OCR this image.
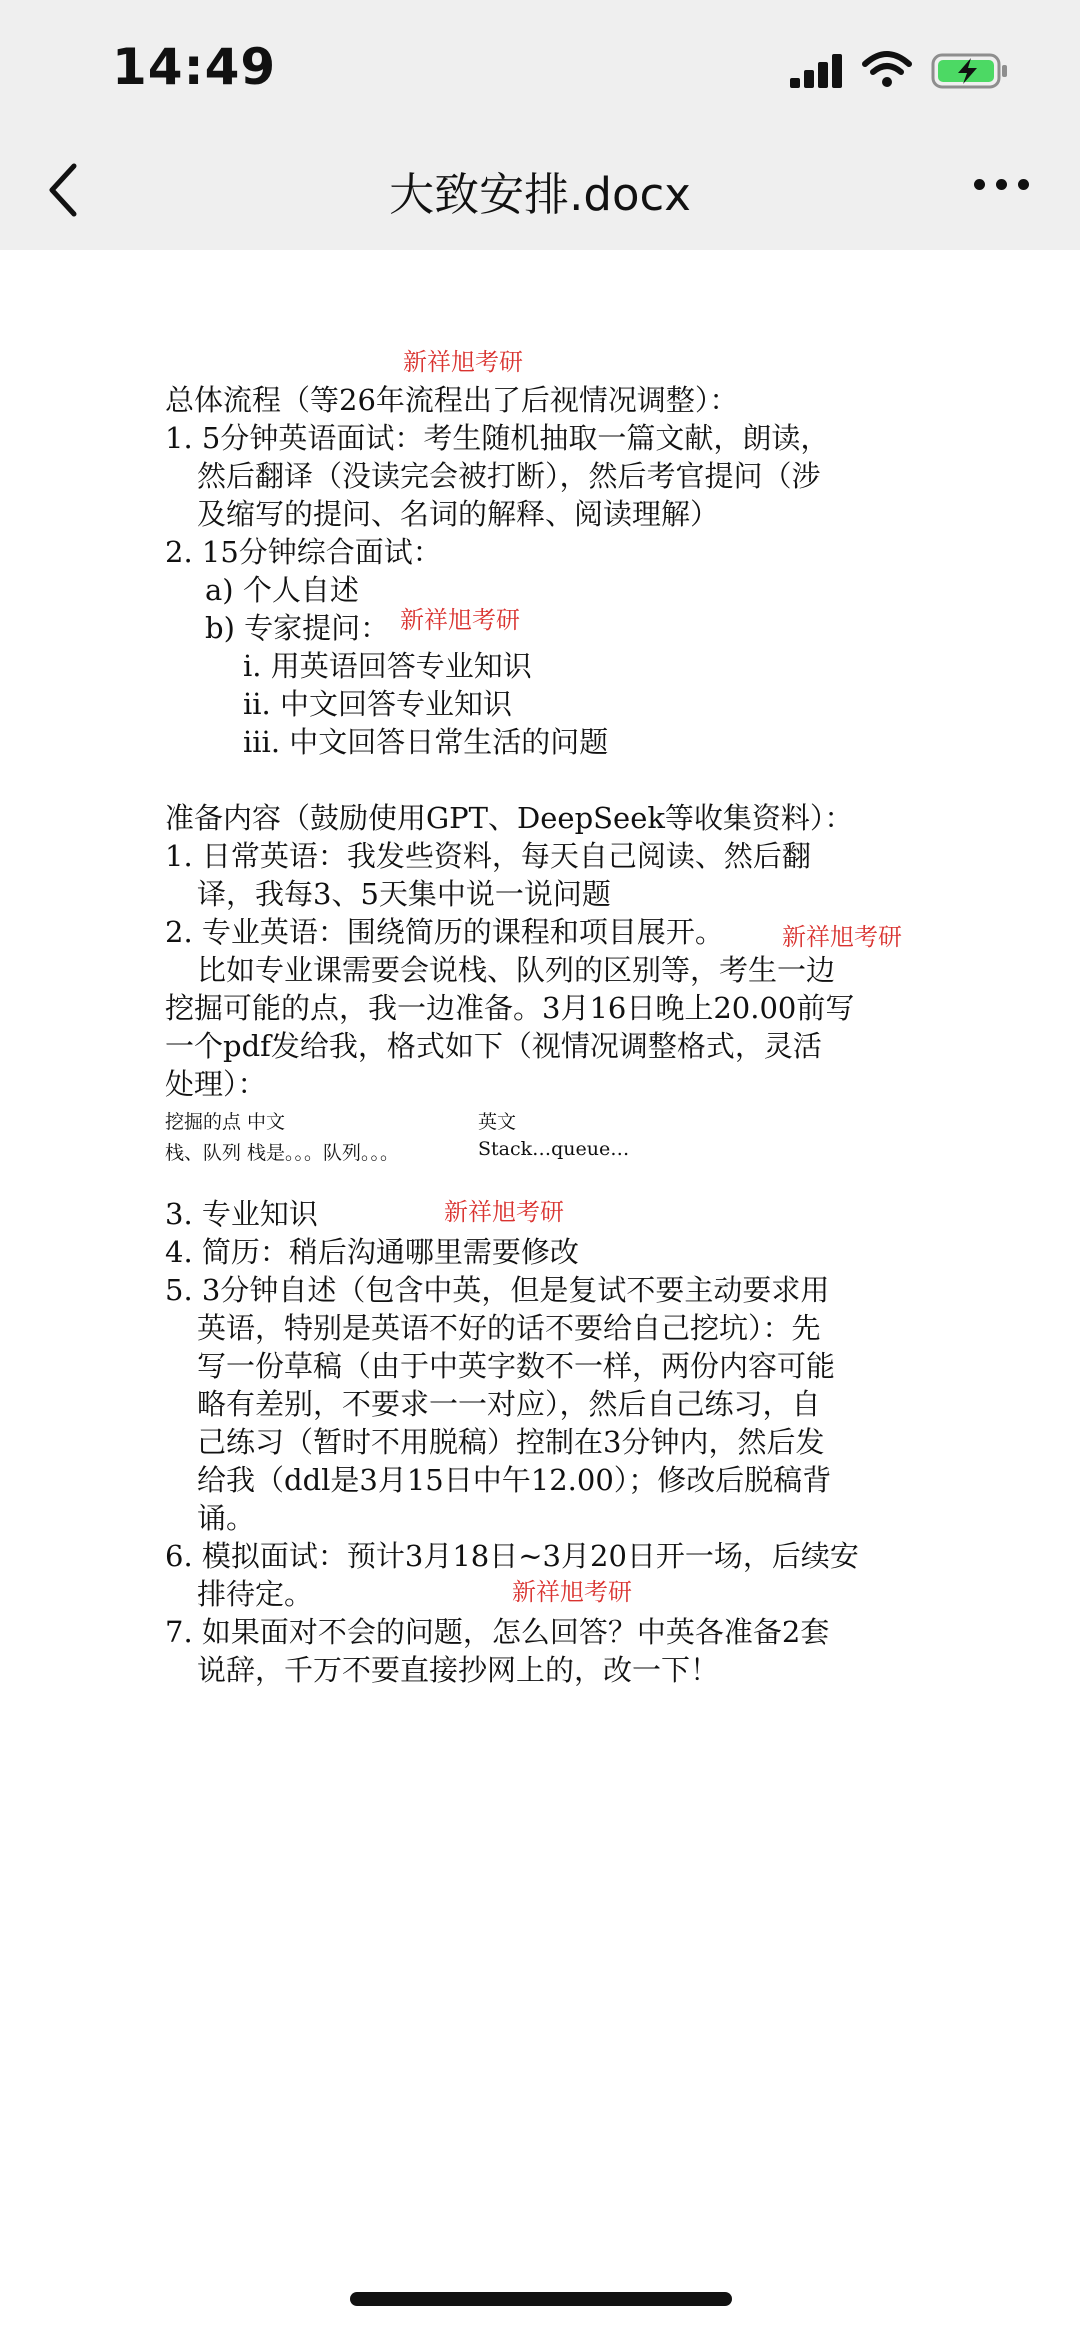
14:49
大致安排.docx
新祥旭考研
新祥旭考研
新祥旭考研
新祥旭考研
新祥旭考研
总体流程（等26年流程出了后视情况调整）：
1. 5分钟英语面试：考生随机抽取一篇文献，朗读，
然后翻译（没读完会被打断），然后考官提问（涉
及缩写的提问、名词的解释、阅读理解）
2. 15分钟综合面试：
a) 个人自述
b) 专家提问：
i. 用英语回答专业知识
ii. 中文回答专业知识
iii. 中文回答日常生活的问题
准备内容（鼓励使用GPT、DeepSeek等收集资料）：
1. 日常英语：我发些资料，每天自己阅读、然后翻
译，我每3、5天集中说一说问题
2. 专业英语：围绕简历的课程和项目展开。
比如专业课需要会说栈、队列的区别等，考生一边
挖掘可能的点，我一边准备。3月16日晚上20.00前写
一个pdf发给我，格式如下（视情况调整格式，灵活
处理）：
挖掘的点 中文	英文
栈、队列 栈是。。。队列。。。	Stack…queue…
3. 专业知识
4. 简历：稍后沟通哪里需要修改
5. 3分钟自述（包含中英，但是复试不要主动要求用
英语，特别是英语不好的话不要给自己挖坑）：先
写一份草稿（由于中英字数不一样，两份内容可能
略有差别，不要求一一对应），然后自己练习，自
己练习（暂时不用脱稿）控制在3分钟内，然后发
给我（ddl是3月15日中午12.00）；修改后脱稿背
诵。
6. 模拟面试：预计3月18日~3月20日开一场，后续安
排待定。
7. 如果面对不会的问题，怎么回答？中英各准备2套
说辞，千万不要直接抄网上的，改一下！
